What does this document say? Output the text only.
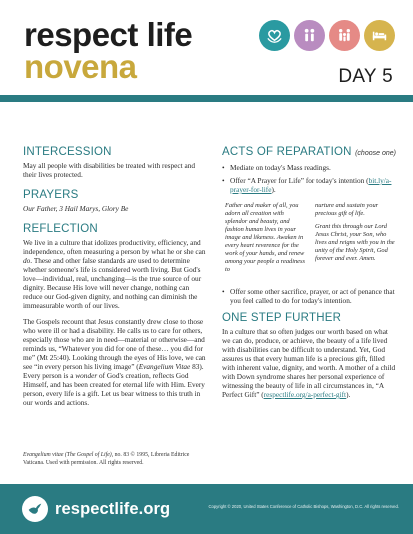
respect life
novena	DAY 5
INTERCESSION

May all people with disabilities be treated with respect and their lives protected.

PRAYERS

Our Father, 3 Hail Marys, Glory Be

REFLECTION

We live in a culture that idolizes productivity, efficiency, and independence, often measuring a person by what he or she can do. These and other false standards are used to determine whether someone's life is considered worth living. But God's love—individual, real, unchanging—is the true source of our dignity. Because His love will never change, nothing can reduce our God-given dignity, and nothing can diminish the immeasurable worth of our lives.

The Gospels recount that Jesus constantly drew close to those who were ill or had a disability. He calls us to care for others, especially those who are in need—material or otherwise—and reminds us, “Whatever you did for one of these… you did for me” (Mt 25:40). Looking through the eyes of His love, we can see “in every person his living image” (Evangelium Vitae 83). Every person is a wonder of God's creation, reflects God Himself, and has been created for eternal life with Him. Every person, every life is a gift. Let us bear witness to this truth in our words and actions.

Evangelium vitae (The Gospel of Life), no. 83 © 1995, Libreria Editrice Vaticana. Used with permission. All rights reserved.
ACTS OF REPARATION (choose one)
• Mediate on today's Mass readings.
• Offer “A Prayer for Life” for today's intention (bit.ly/a-prayer-for-life).

Father and maker of all, you adorn all creation with splendor and beauty, and fashion human lives in your image and likeness. Awaken in every heart reverence for the work of your hands, and renew among your people a readiness to

nurture and sustain your precious gift of life.

Grant this through our Lord Jesus Christ, your Son, who lives and reigns with you in the unity of the Holy Spirit, God forever and ever. Amen.

• Offer some other sacrifice, prayer, or act of penance that you feel called to do for today's intention.
ONE STEP FURTHER

In a culture that so often judges our worth based on what we can do, produce, or achieve, the beauty of a life lived with disabilities can be difficult to understand. Yet, God assures us that every human life is a precious gift, filled with inherent value, dignity, and worth. A mother of a child with Down syndrome shares her personal experience of witnessing the beauty of life in all circumstances in, “A Perfect Gift” (respectlife.org/a-perfect-gift).

respectlife.org	Copyright © 2020, United States Conference of Catholic Bishops, Washington, D.C. All rights reserved.
